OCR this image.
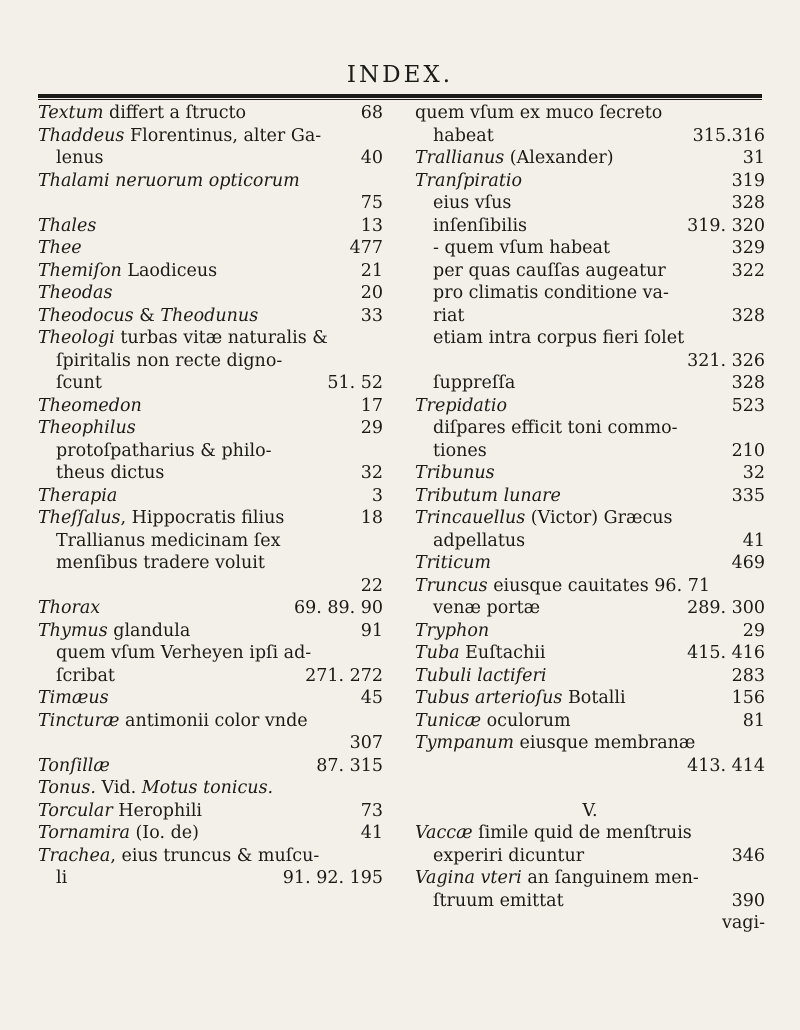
INDEX.
Textum differt a ſtructo	68
Thaddeus Florentinus, alter Ga-
lenus	40
Thalami neruorum opticorum
75
Thales	13
Thee	477
Themiſon Laodiceus	21
Theodas	20
Theodocus & Theodunus	33
Theologi turbas vitæ naturalis &
ſpiritalis non recte digno-
ſcunt	51. 52
Theomedon	17
Theophilus	29
protoſpatharius & philo-
theus dictus	32
Therapia	3
Theſſalus, Hippocratis filius	18
Trallianus medicinam ſex
menſibus tradere voluit
22
Thorax	69. 89. 90
Thymus glandula	91
quem vſum Verheyen ipſi ad-
ſcribat	271. 272
Timæus	45
Tincturæ antimonii color vnde
307
Tonſillæ	87. 315
Tonus. Vid. Motus tonicus.
Torcular Herophili	73
Tornamira (Io. de)	41
Trachea, eius truncus & muſcu-
li	91. 92. 195
quem vſum ex muco ſecreto
habeat	315.316
Trallianus (Alexander)	31
Tranſpiratio	319
eius vſus	328
inſenſibilis	319. 320
- quem vſum habeat	329
per quas cauſſas augeatur	322
pro climatis conditione va-
riat	328
etiam intra corpus fieri ſolet
321. 326
ſuppreſſa	328
Trepidatio	523
diſpares efficit toni commo-
tiones	210
Tribunus	32
Tributum lunare	335
Trincauellus (Victor) Græcus
adpellatus	41
Triticum	469
Truncus eiusque cauitates 96. 71
venæ portæ	289. 300
Tryphon	29
Tuba Euſtachii	415. 416
Tubuli lactiferi	283
Tubus arterioſus Botalli	156
Tunicæ oculorum	81
Tympanum eiusque membranæ
413. 414
V.
Vaccæ ſimile quid de menſtruis
experiri dicuntur	346
Vagina vteri an ſanguinem men-
ſtruum emittat	390
vagi-
